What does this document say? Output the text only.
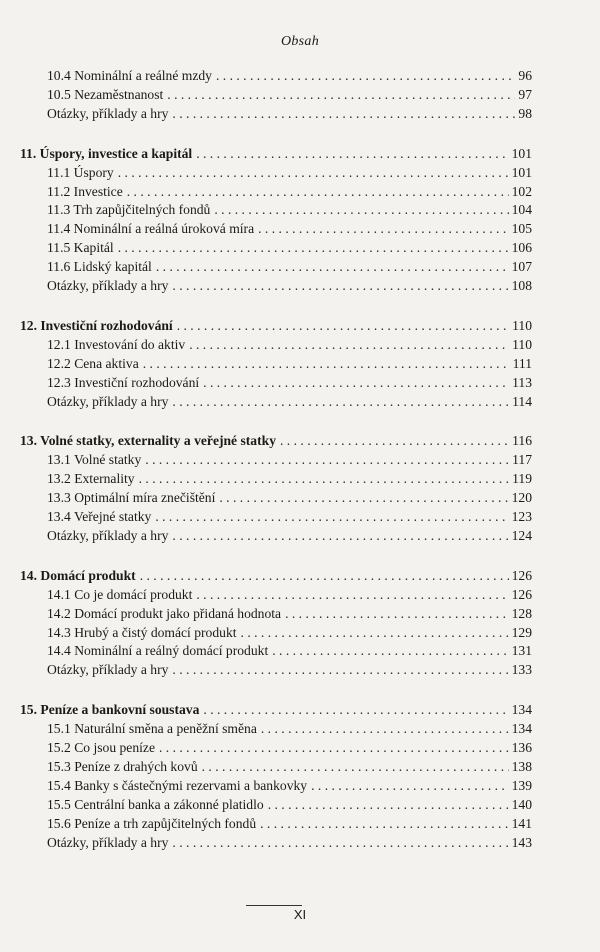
Obsah
10.4 Nominální a reálné mzdy . . .	96
10.5 Nezaměstnanost . . .	97
Otázky, příklady a hry . . .	98
11. Úspory, investice a kapitál . . .	101
11.1 Úspory . . .	101
11.2 Investice . . .	102
11.3 Trh zapůjčitelných fondů . . .	104
11.4 Nominální a reálná úroková míra . . .	105
11.5 Kapitál . . .	106
11.6 Lidský kapitál . . .	107
Otázky, příklady a hry . . .	108
12. Investiční rozhodování . . .	110
12.1 Investování do aktiv . . .	110
12.2 Cena aktiva . . .	111
12.3 Investiční rozhodování . . .	113
Otázky, příklady a hry . . .	114
13. Volné statky, externality a veřejné statky . . .	116
13.1 Volné statky . . .	117
13.2 Externality . . .	119
13.3 Optimální míra znečištění . . .	120
13.4 Veřejné statky . . .	123
Otázky, příklady a hry . . .	124
14. Domácí produkt . . .	126
14.1 Co je domácí produkt . . .	126
14.2 Domácí produkt jako přidaná hodnota . . .	128
14.3 Hrubý a čistý domácí produkt . . .	129
14.4 Nominální a reálný domácí produkt . . .	131
Otázky, příklady a hry . . .	133
15. Peníze a bankovní soustava . . .	134
15.1 Naturální směna a peněžní směna . . .	134
15.2 Co jsou peníze . . .	136
15.3 Peníze z drahých kovů . . .	138
15.4 Banky s částečnými rezervami a bankovky . . .	139
15.5 Centrální banka a zákonné platidlo . . .	140
15.6 Peníze a trh zapůjčitelných fondů . . .	141
Otázky, příklady a hry . . .	143
XI
